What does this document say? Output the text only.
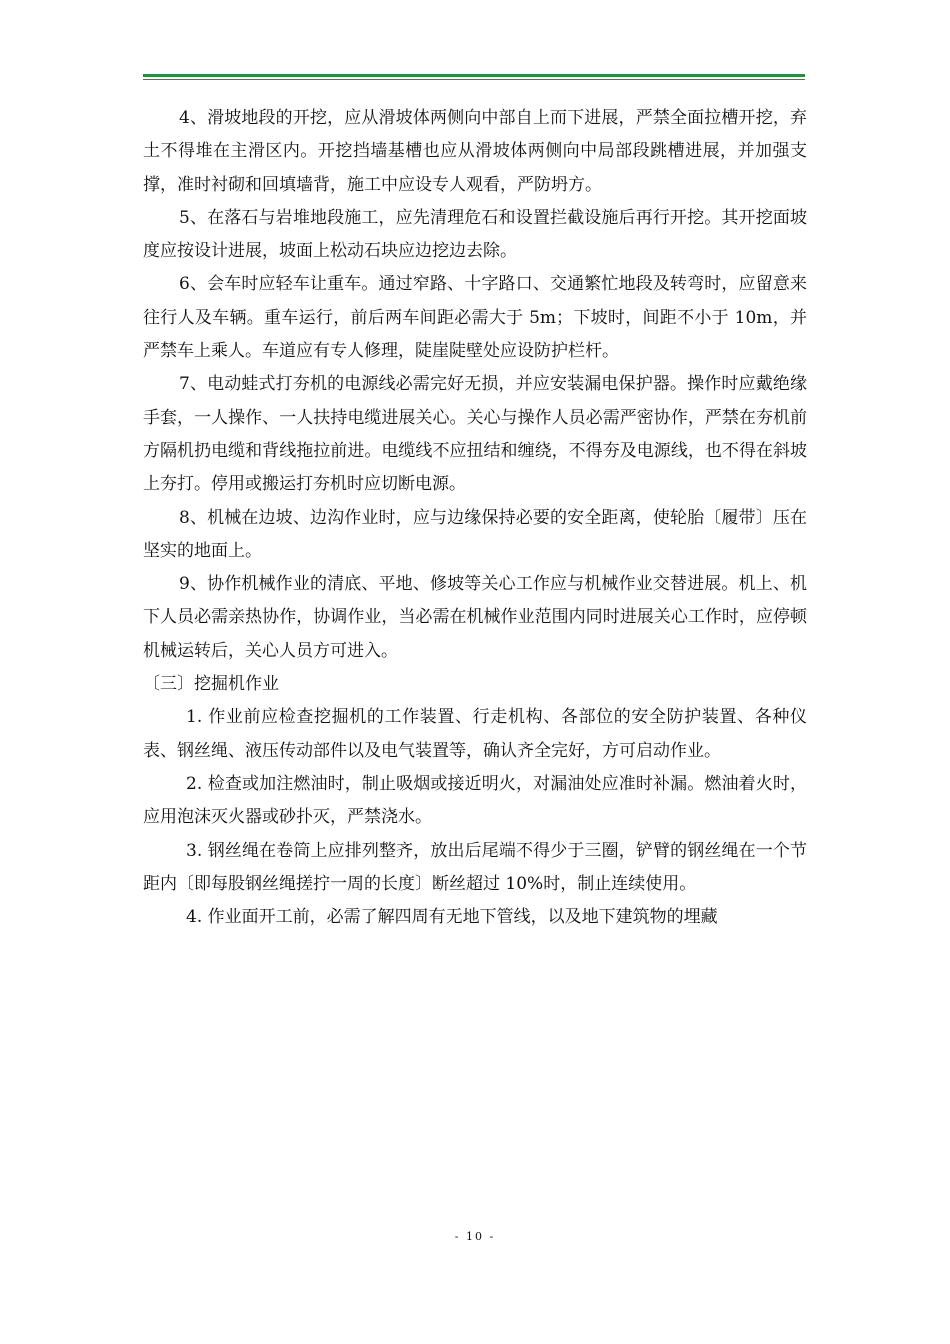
4、滑坡地段的开挖，应从滑坡体两侧向中部自上而下进展，严禁全面拉槽开挖，弃土不得堆在主滑区内。开挖挡墙基槽也应从滑坡体两侧向中局部段跳槽进展，并加强支撑，准时衬砌和回填墙背，施工中应设专人观看，严防坍方。

5、在落石与岩堆地段施工，应先清理危石和设置拦截设施后再行开挖。其开挖面坡度应按设计进展，坡面上松动石块应边挖边去除。

6、会车时应轻车让重车。通过窄路、十字路口、交通繁忙地段及转弯时，应留意来往行人及车辆。重车运行，前后两车间距必需大于 5m；下坡时，间距不小于 10m，并严禁车上乘人。车道应有专人修理，陡崖陡壁处应设防护栏杆。

7、电动蛙式打夯机的电源线必需完好无损，并应安装漏电保护器。操作时应戴绝缘手套，一人操作、一人扶持电缆进展关心。关心与操作人员必需严密协作，严禁在夯机前方隔机扔电缆和背线拖拉前进。电缆线不应扭结和缠绕，不得夯及电源线，也不得在斜坡上夯打。停用或搬运打夯机时应切断电源。

8、机械在边坡、边沟作业时，应与边缘保持必要的安全距离，使轮胎〔履带〕压在坚实的地面上。

9、协作机械作业的清底、平地、修坡等关心工作应与机械作业交替进展。机上、机下人员必需亲热协作，协调作业，当必需在机械作业范围内同时进展关心工作时，应停顿机械运转后，关心人员方可进入。

〔三〕挖掘机作业

1. 作业前应检查挖掘机的工作装置、行走机构、各部位的安全防护装置、各种仪表、钢丝绳、液压传动部件以及电气装置等，确认齐全完好，方可启动作业。

2. 检查或加注燃油时，制止吸烟或接近明火，对漏油处应准时补漏。燃油着火时，应用泡沫灭火器或砂扑灭，严禁浇水。

3. 钢丝绳在卷筒上应排列整齐，放出后尾端不得少于三圈，铲臂的钢丝绳在一个节距内〔即每股钢丝绳搓拧一周的长度〕断丝超过 10%时，制止连续使用。

4. 作业面开工前，必需了解四周有无地下管线，以及地下建筑物的埋藏

- 10 -
